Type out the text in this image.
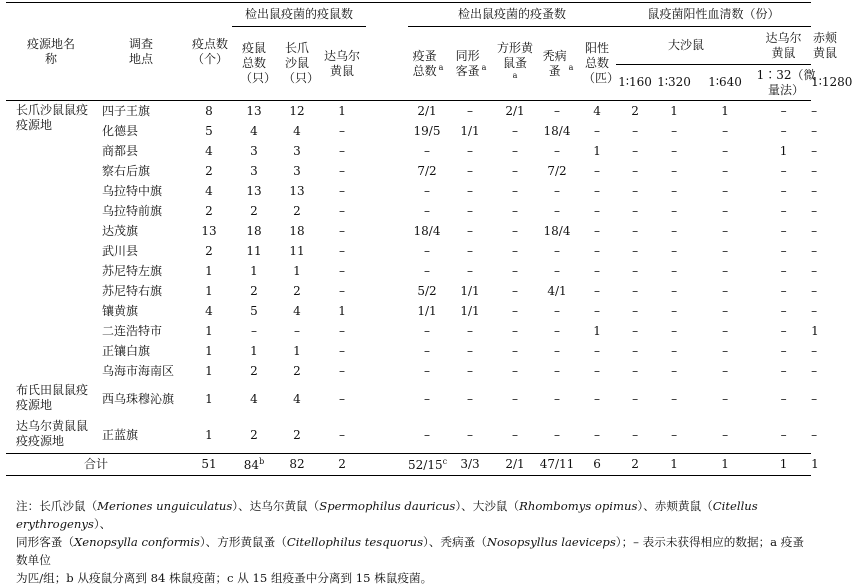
疫源地名称	调查地点	疫点数（个）	检出鼠疫菌的疫鼠数				检出鼠疫菌的疫蚤数					鼠疫菌阳性血清数（份）				
			疫鼠总数（只）	长爪沙鼠（只）	达乌尔黄鼠		疫蚤总数 $^a$	同形客蚤 $^a$	方形黄鼠蚤$^a$	秃病蚤 $^a$	阳性总数（匹）	大沙鼠			达乌尔黄鼠	赤颊黄鼠
												1∶160	1∶320	1∶640	1∶32（微量法）	1∶1280
长爪沙鼠鼠疫疫源地	四子王旗	8	13	12	1		2/1	–	2/1	–	4	2	1	1	–	–
	化德县	5	4	4	–		19/5	1/1	–	18/4	–	–	–	–	–	–
	商都县	4	3	3	–		–	–	–	–	1	–	–	–	1	–
	察右后旗	2	3	3	–		7/2	–	–	7/2	–	–	–	–	–	–
	乌拉特中旗	4	13	13	–		–	–	–	–	–	–	–	–	–	–
	乌拉特前旗	2	2	2	–		–	–	–	–	–	–	–	–	–	–
	达茂旗	13	18	18	–		18/4	–	–	18/4	–	–	–	–	–	–
	武川县	2	11	11	–		–	–	–	–	–	–	–	–	–	–
	苏尼特左旗	1	1	1	–		–	–	–	–	–	–	–	–	–	–
	苏尼特右旗	1	2	2	–		5/2	1/1	–	4/1	–	–	–	–	–	–
	镶黄旗	4	5	4	1		1/1	1/1	–	–	–	–	–	–	–	–
	二连浩特市	1	–	–	–		–	–	–	–	1	–	–	–	–	1
	正镶白旗	1	1	1	–		–	–	–	–	–	–	–	–	–	–
	乌海市海南区	1	2	2	–		–	–	–	–	–	–	–	–	–	–
布氏田鼠鼠疫疫源地	西乌珠穆沁旗	1	4	4	–		–	–	–	–	–	–	–	–	–	–
达乌尔黄鼠鼠疫疫源地	正蓝旗	1	2	2	–		–	–	–	–	–	–	–	–	–	–
合计		51	84$^b$	82	2		52/15$^c$	3/3	2/1	47/11	6	2	1	1	1	1
注：长爪沙鼠（Meriones unguiculatus）、达乌尔黄鼠（Spermophilus dauricus）、大沙鼠（Rhombomys opimus）、赤颊黄鼠（Citellus erythrogenys）、
同形客蚤（Xenopsylla conformis）、方形黄鼠蚤（Citellophilus tesquorus）、秃病蚤（Nosopsyllus laeviceps）；– 表示未获得相应的数据；a 疫蚤数单位
为匹/组；b 从疫鼠分离到 84 株鼠疫菌；c 从 15 组疫蚤中分离到 15 株鼠疫菌。
